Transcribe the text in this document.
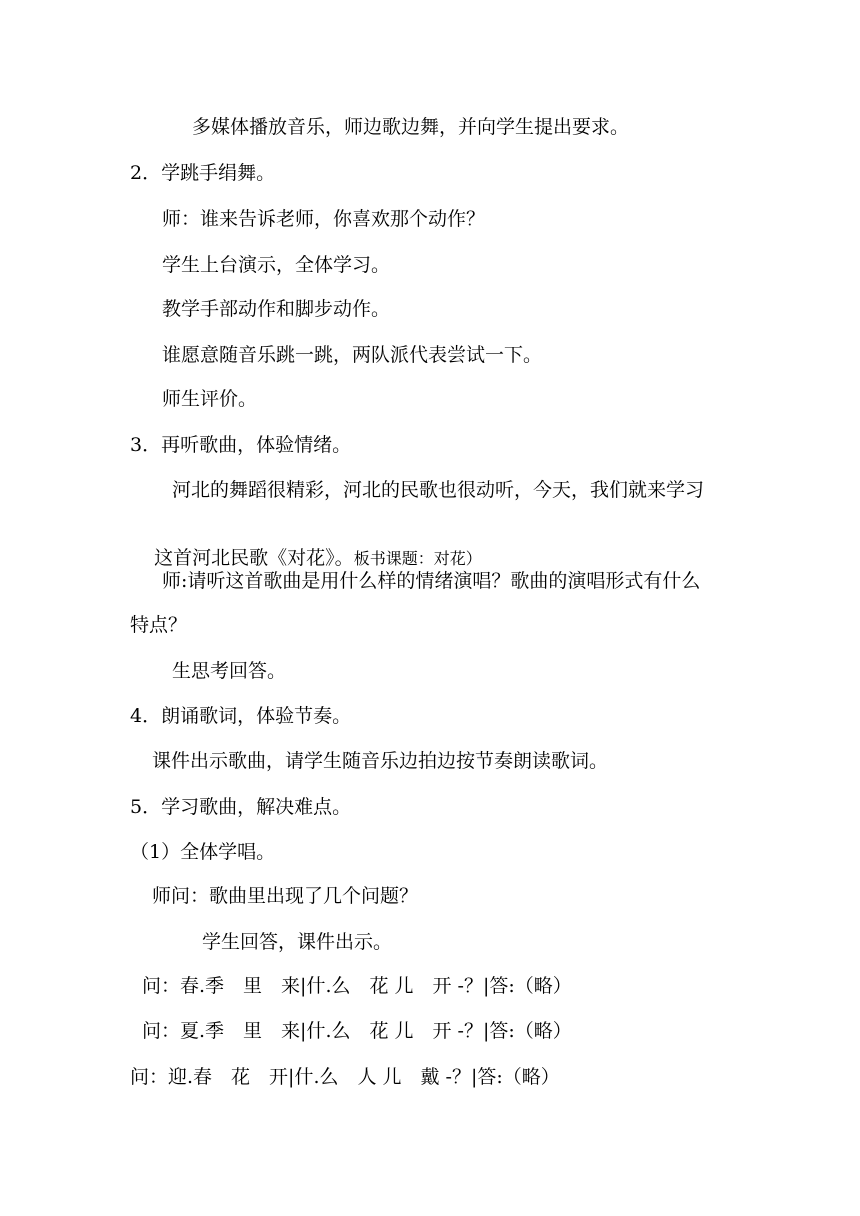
多媒体播放音乐，师边歌边舞，并向学生提出要求。
2．学跳手绢舞。
师：谁来告诉老师，你喜欢那个动作？
学生上台演示，全体学习。
教学手部动作和脚步动作。
谁愿意随音乐跳一跳，两队派代表尝试一下。
师生评价。
3．再听歌曲，体验情绪。
河北的舞蹈很精彩，河北的民歌也很动听，今天，我们就来学习

这首河北民歌《对花》。板书课题：对花）

师:请听这首歌曲是用什么样的情绪演唱？歌曲的演唱形式有什么
特点？
生思考回答。
4．朗诵歌词，体验节奏。
课件出示歌曲，请学生随音乐边拍边按节奏朗读歌词。
5．学习歌曲，解决难点。
（1）全体学唱。
师问：歌曲里出现了几个问题？
学生回答，课件出示。
问：春.季　里　来|什.么　花 儿　开 -？|答:（略）
问：夏.季　里　来|什.么　花 儿　开 -？|答:（略）
问：迎.春　花　开|什.么　人 儿　戴 -？|答:（略）
